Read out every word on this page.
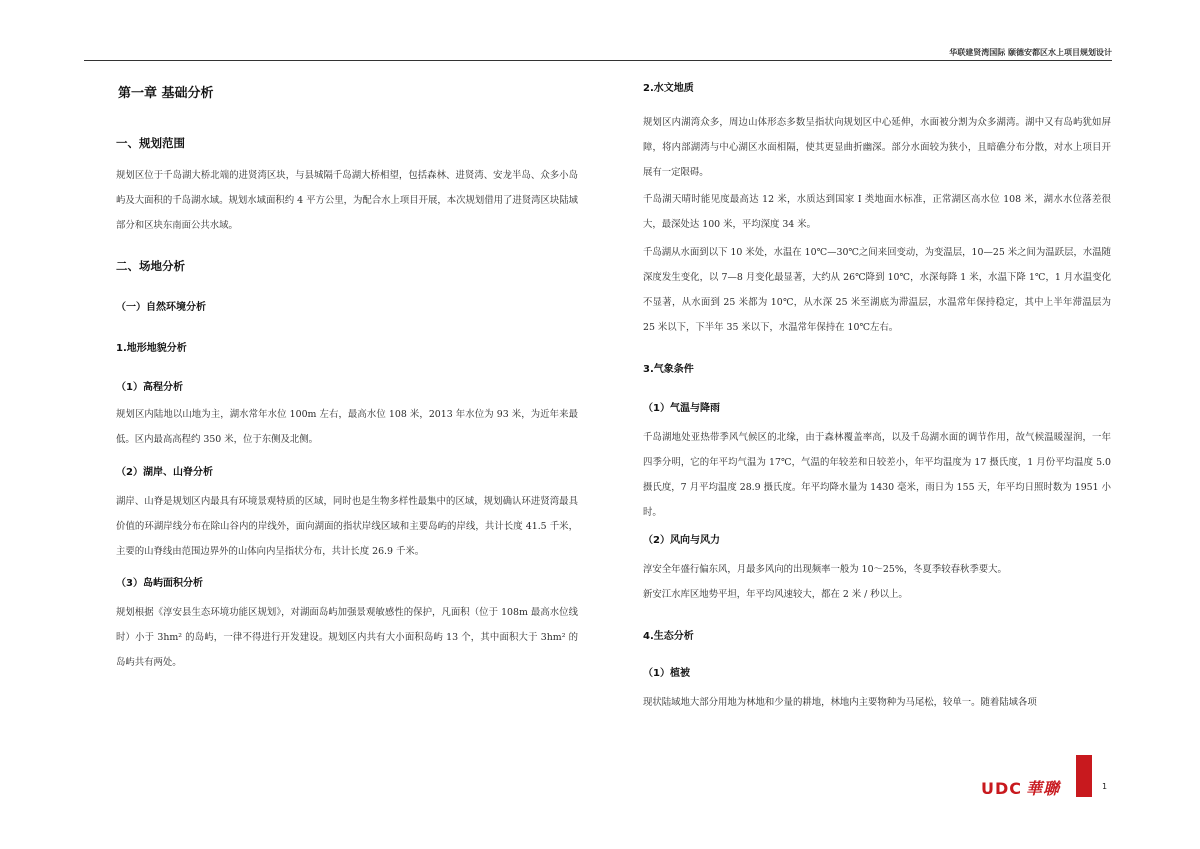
华联建贤湾国际 颐德安都区水上项目规划设计
第一章 基础分析
一、规划范围
规划区位于千岛湖大桥北端的进贤湾区块，与县城隔千岛湖大桥相望，包括森林、进贤湾、安龙半岛、众多小岛屿及大面积的千岛湖水域。规划水域面积约 4 平方公里，为配合水上项目开展，本次规划借用了进贤湾区块陆域部分和区块东南面公共水域。
二、场地分析
（一）自然环境分析
1.地形地貌分析
（1）高程分析
规划区内陆地以山地为主，湖水常年水位 100m 左右，最高水位 108 米，2013 年水位为 93 米，为近年来最低。区内最高高程约 350 米，位于东侧及北侧。
（2）湖岸、山脊分析
湖岸、山脊是规划区内最具有环境景观特质的区域，同时也是生物多样性最集中的区域，规划确认环进贤湾最具价值的环湖岸线分布在除山谷内的岸线外，面向湖面的指状岸线区域和主要岛屿的岸线，共计长度 41.5 千米，主要的山脊线由范围边界外的山体向内呈指状分布，共计长度 26.9 千米。
（3）岛屿面积分析
规划根据《淳安县生态环境功能区规划》，对湖面岛屿加强景观敏感性的保护，凡面积（位于 108m 最高水位线时）小于 3hm² 的岛屿，一律不得进行开发建设。规划区内共有大小面积岛屿 13 个，其中面积大于 3hm² 的岛屿共有两处。
2.水文地质
规划区内湖湾众多，周边山体形态多数呈指状向规划区中心延伸，水面被分割为众多湖湾。湖中又有岛屿犹如屏障，将内部湖湾与中心湖区水面相隔，使其更显曲折幽深。部分水面较为狭小，且暗礁分布分散，对水上项目开展有一定限碍。
千岛湖天晴时能见度最高达 12 米，水质达到国家 I 类地面水标准，正常湖区高水位 108 米，湖水水位落差很大，最深处达 100 米，平均深度 34 米。
千岛湖从水面到以下 10 米处，水温在 10℃—30℃之间来回变动，为变温层，10—25 米之间为温跃层，水温随深度发生变化，以 7—8 月变化最显著，大约从 26℃降到 10℃，水深每降 1 米，水温下降 1℃，1 月水温变化不显著，从水面到 25 米都为 10℃，从水深 25 米至湖底为滞温层，水温常年保持稳定，其中上半年滞温层为 25 米以下，下半年 35 米以下，水温常年保持在 10℃左右。
3.气象条件
（1）气温与降雨
千岛湖地处亚热带季风气候区的北缘，由于森林覆盖率高，以及千岛湖水面的调节作用，故气候温暖湿润，一年四季分明，它的年平均气温为 17℃，气温的年较差和日较差小，年平均温度为 17 摄氏度，1 月份平均温度 5.0 摄氏度，7 月平均温度 28.9 摄氏度。年平均降水量为 1430 毫米，雨日为 155 天，年平均日照时数为 1951 小时。
（2）风向与风力
淳安全年盛行偏东风，月最多风向的出现频率一般为 10～25%，冬夏季较春秋季要大。
新安江水库区地势平坦，年平均风速较大，都在 2 米 / 秒以上。
4.生态分析
（1）植被
现状陆域地大部分用地为林地和少量的耕地，林地内主要物种为马尾松，较单一。随着陆域各项
UDC 華聯	1
